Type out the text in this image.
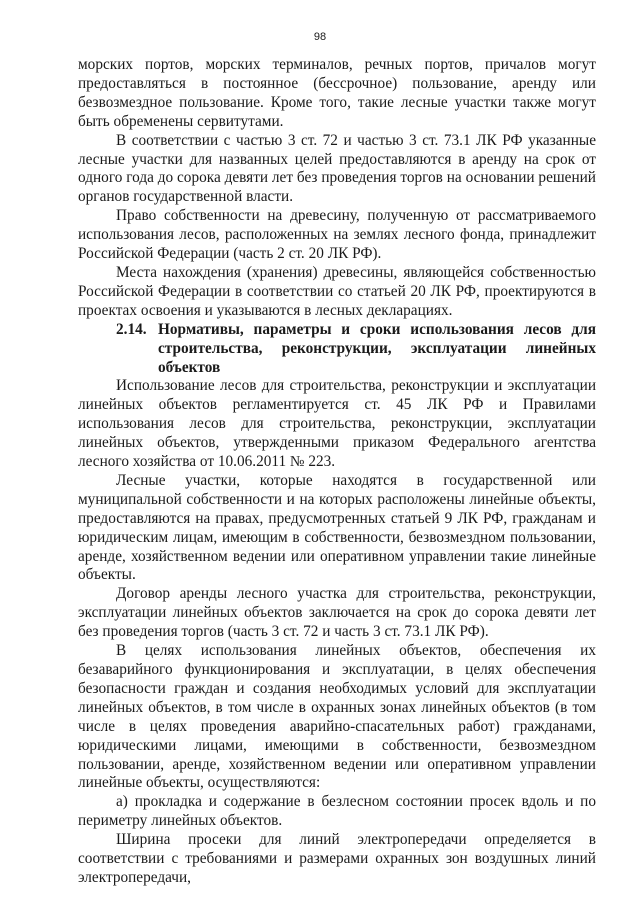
98

морских портов, морских терминалов, речных портов, причалов могут предоставляться в постоянное (бессрочное) пользование, аренду или безвозмездное пользование. Кроме того, такие лесные участки также могут быть обременены сервитутами.

В соответствии с частью 3 ст. 72 и частью 3 ст. 73.1 ЛК РФ указанные лесные участки для названных целей предоставляются в аренду на срок от одного года до сорока девяти лет без проведения торгов на основании решений органов государственной власти.

Право собственности на древесину, полученную от рассматриваемого использования лесов, расположенных на землях лесного фонда, принадлежит Российской Федерации (часть 2 ст. 20 ЛК РФ).

Места нахождения (хранения) древесины, являющейся собственностью Российской Федерации в соответствии со статьей 20 ЛК РФ, проектируются в проектах освоения и указываются в лесных декларациях.

2.14. Нормативы, параметры и сроки использования лесов для строительства, реконструкции, эксплуатации линейных объектов

Использование лесов для строительства, реконструкции и эксплуатации линейных объектов регламентируется ст. 45 ЛК РФ и Правилами использования лесов для строительства, реконструкции, эксплуатации линейных объектов, утвержденными приказом Федерального агентства лесного хозяйства от 10.06.2011 № 223.

Лесные участки, которые находятся в государственной или муниципальной собственности и на которых расположены линейные объекты, предоставляются на правах, предусмотренных статьей 9 ЛК РФ, гражданам и юридическим лицам, имеющим в собственности, безвозмездном пользовании, аренде, хозяйственном ведении или оперативном управлении такие линейные объекты.

Договор аренды лесного участка для строительства, реконструкции, эксплуатации линейных объектов заключается на срок до сорока девяти лет без проведения торгов (часть 3 ст. 72 и часть 3 ст. 73.1 ЛК РФ).

В целях использования линейных объектов, обеспечения их безаварийного функционирования и эксплуатации, в целях обеспечения безопасности граждан и создания необходимых условий для эксплуатации линейных объектов, в том числе в охранных зонах линейных объектов (в том числе в целях проведения аварийно-спасательных работ) гражданами, юридическими лицами, имеющими в собственности, безвозмездном пользовании, аренде, хозяйственном ведении или оперативном управлении линейные объекты, осуществляются:

а) прокладка и содержание в безлесном состоянии просек вдоль и по периметру линейных объектов.

Ширина просеки для линий электропередачи определяется в соответствии с требованиями и размерами охранных зон воздушных линий электропередачи,
